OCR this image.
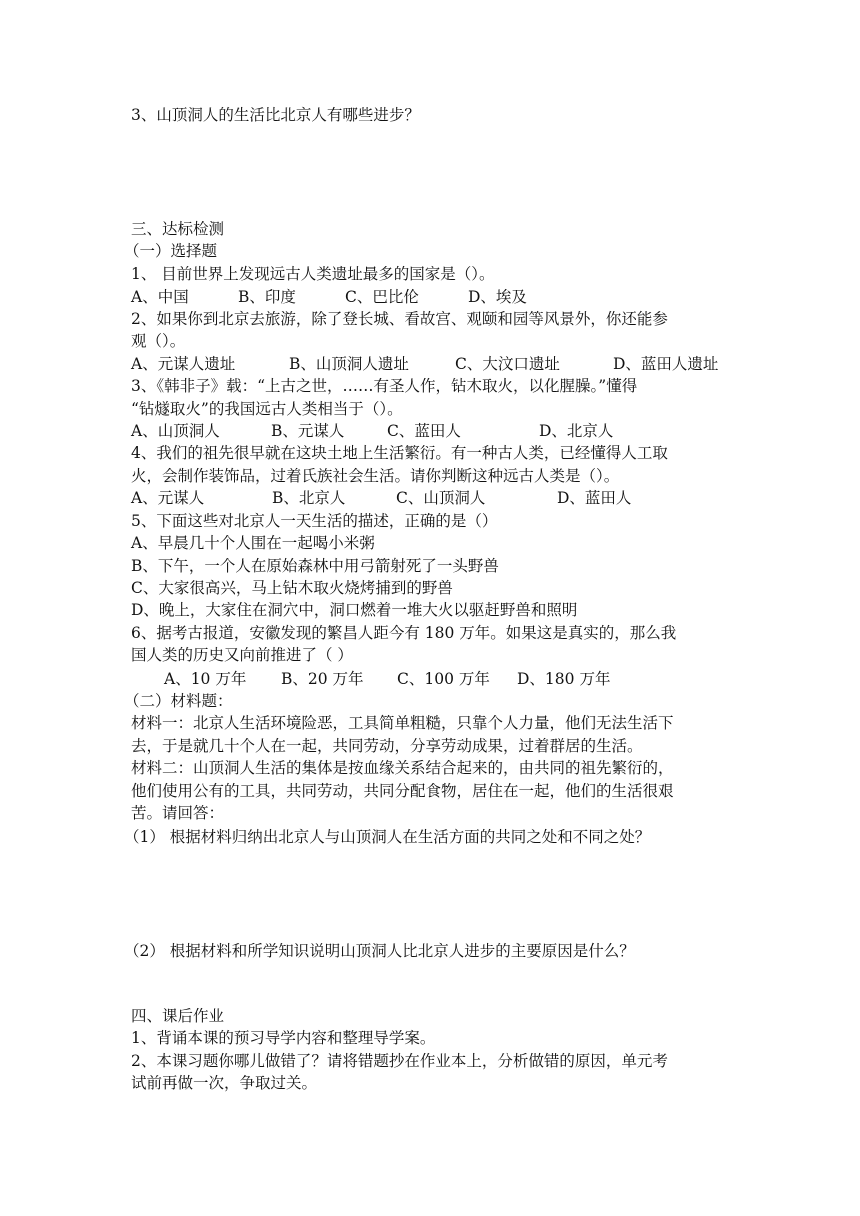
3、山顶洞人的生活比北京人有哪些进步？

三、达标检测

（一）选择题

1、 目前世界上发现远古人类遗址最多的国家是（）。

A、中国	B、印度	C、巴比伦	D、埃及

2、如果你到北京去旅游，除了登长城、看故宫、观颐和园等风景外，你还能参

观（）。

A、元谋人遗址	B、山顶洞人遗址	C、大汶口遗址	D、蓝田人遗址

3、《韩非子》载：“上古之世，……有圣人作，钻木取火，以化腥臊。”懂得

“钻燧取火”的我国远古人类相当于（）。

A、山顶洞人	B、元谋人	C、蓝田人	D、北京人

4、我们的祖先很早就在这块土地上生活繁衍。有一种古人类，已经懂得人工取

火，会制作装饰品，过着氏族社会生活。请你判断这种远古人类是（）。

A、元谋人	B、北京人	C、山顶洞人	D、蓝田人

5、下面这些对北京人一天生活的描述，正确的是（）

A、早晨几十个人围在一起喝小米粥

B、下午，一个人在原始森林中用弓箭射死了一头野兽

C、大家很高兴，马上钻木取火烧烤捕到的野兽

D、晚上，大家住在洞穴中，洞口燃着一堆大火以驱赶野兽和照明

6、据考古报道，安徽发现的繁昌人距今有 180 万年。如果这是真实的，那么我

国人类的历史又向前推进了（ ）

A、10 万年 B、20 万年 C、100 万年 D、180 万年

（二）材料题：

材料一：北京人生活环境险恶，工具简单粗糙，只靠个人力量，他们无法生活下

去，于是就几十个人在一起，共同劳动，分享劳动成果，过着群居的生活。

材料二：山顶洞人生活的集体是按血缘关系结合起来的，由共同的祖先繁衍的，

他们使用公有的工具，共同劳动，共同分配食物，居住在一起，他们的生活很艰

苦。请回答：

（1） 根据材料归纳出北京人与山顶洞人在生活方面的共同之处和不同之处？

（2） 根据材料和所学知识说明山顶洞人比北京人进步的主要原因是什么？

四、课后作业

1、背诵本课的预习导学内容和整理导学案。

2、本课习题你哪儿做错了？请将错题抄在作业本上，分析做错的原因，单元考

试前再做一次，争取过关。
